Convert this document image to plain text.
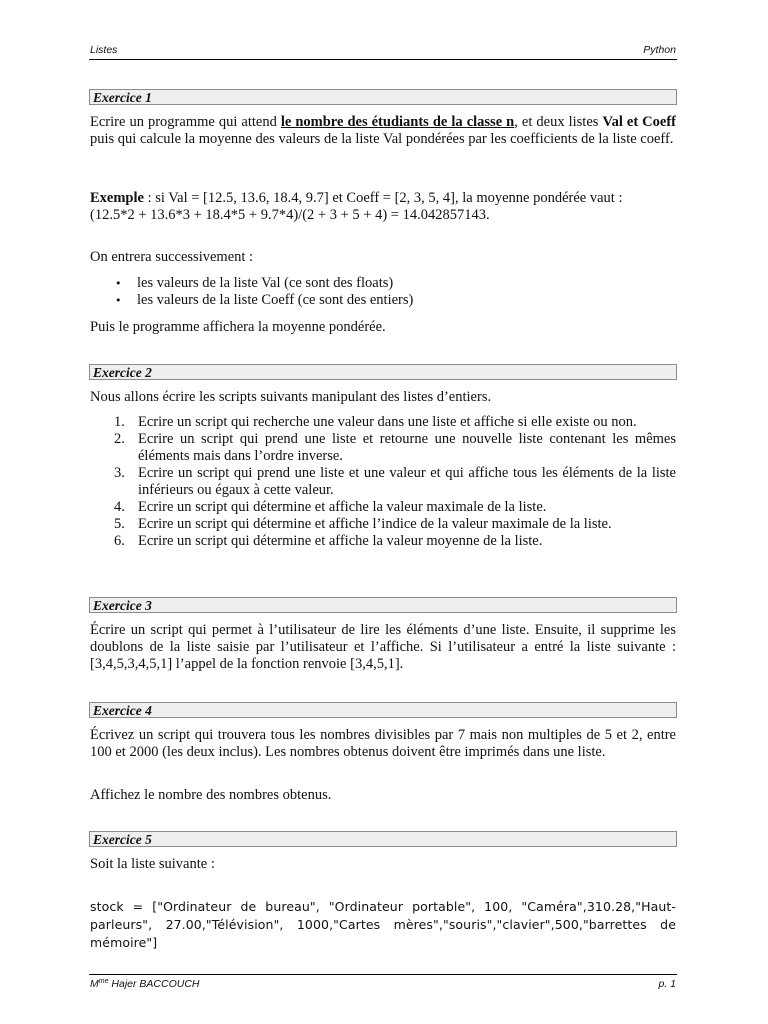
Listes	Python
Exercice 1

Ecrire un programme qui attend le nombre des étudiants de la classe n, et deux listes Val et Coeff puis qui calcule la moyenne des valeurs de la liste Val pondérées par les coefficients de la liste coeff.

Exemple : si Val = [12.5, 13.6, 18.4, 9.7] et Coeff = [2, 3, 5, 4], la moyenne pondérée vaut :

(12.5*2 + 13.6*3 + 18.4*5 + 9.7*4)/(2 + 3 + 5 + 4) = 14.042857143.

On entrera successivement :
• les valeurs de la liste Val (ce sont des floats)
• les valeurs de la liste Coeff (ce sont des entiers)
Puis le programme affichera la moyenne pondérée.
Exercice 2
Nous allons écrire les scripts suivants manipulant des listes d’entiers.
1. Ecrire un script qui recherche une valeur dans une liste et affiche si elle existe ou non.
2. Ecrire un script qui prend une liste et retourne une nouvelle liste contenant les mêmes éléments mais dans l’ordre inverse.
3. Ecrire un script qui prend une liste et une valeur et qui affiche tous les éléments de la liste inférieurs ou égaux à cette valeur.
4. Ecrire un script qui détermine et affiche la valeur maximale de la liste.
5. Ecrire un script qui détermine et affiche l’indice de la valeur maximale de la liste.
6. Ecrire un script qui détermine et affiche la valeur moyenne de la liste.
Exercice 3
Écrire un script qui permet à l’utilisateur de lire les éléments d’une liste. Ensuite, il supprime les doublons de la liste saisie par l’utilisateur et l’affiche. Si l’utilisateur a entré la liste suivante : [3,4,5,3,4,5,1] l’appel de la fonction renvoie [3,4,5,1].
Exercice 4
Écrivez un script qui trouvera tous les nombres divisibles par 7 mais non multiples de 5 et 2, entre 100 et 2000 (les deux inclus). Les nombres obtenus doivent être imprimés dans une liste.
Affichez le nombre des nombres obtenus.
Exercice 5
Soit la liste suivante :
stock = ["Ordinateur de bureau", "Ordinateur portable", 100, "Caméra",310.28,"Haut-parleurs", 27.00,"Télévision", 1000,"Cartes mères","souris","clavier",500,"barrettes de mémoire"]
$M^{me}$ Hajer BACCOUCH	p. 1
